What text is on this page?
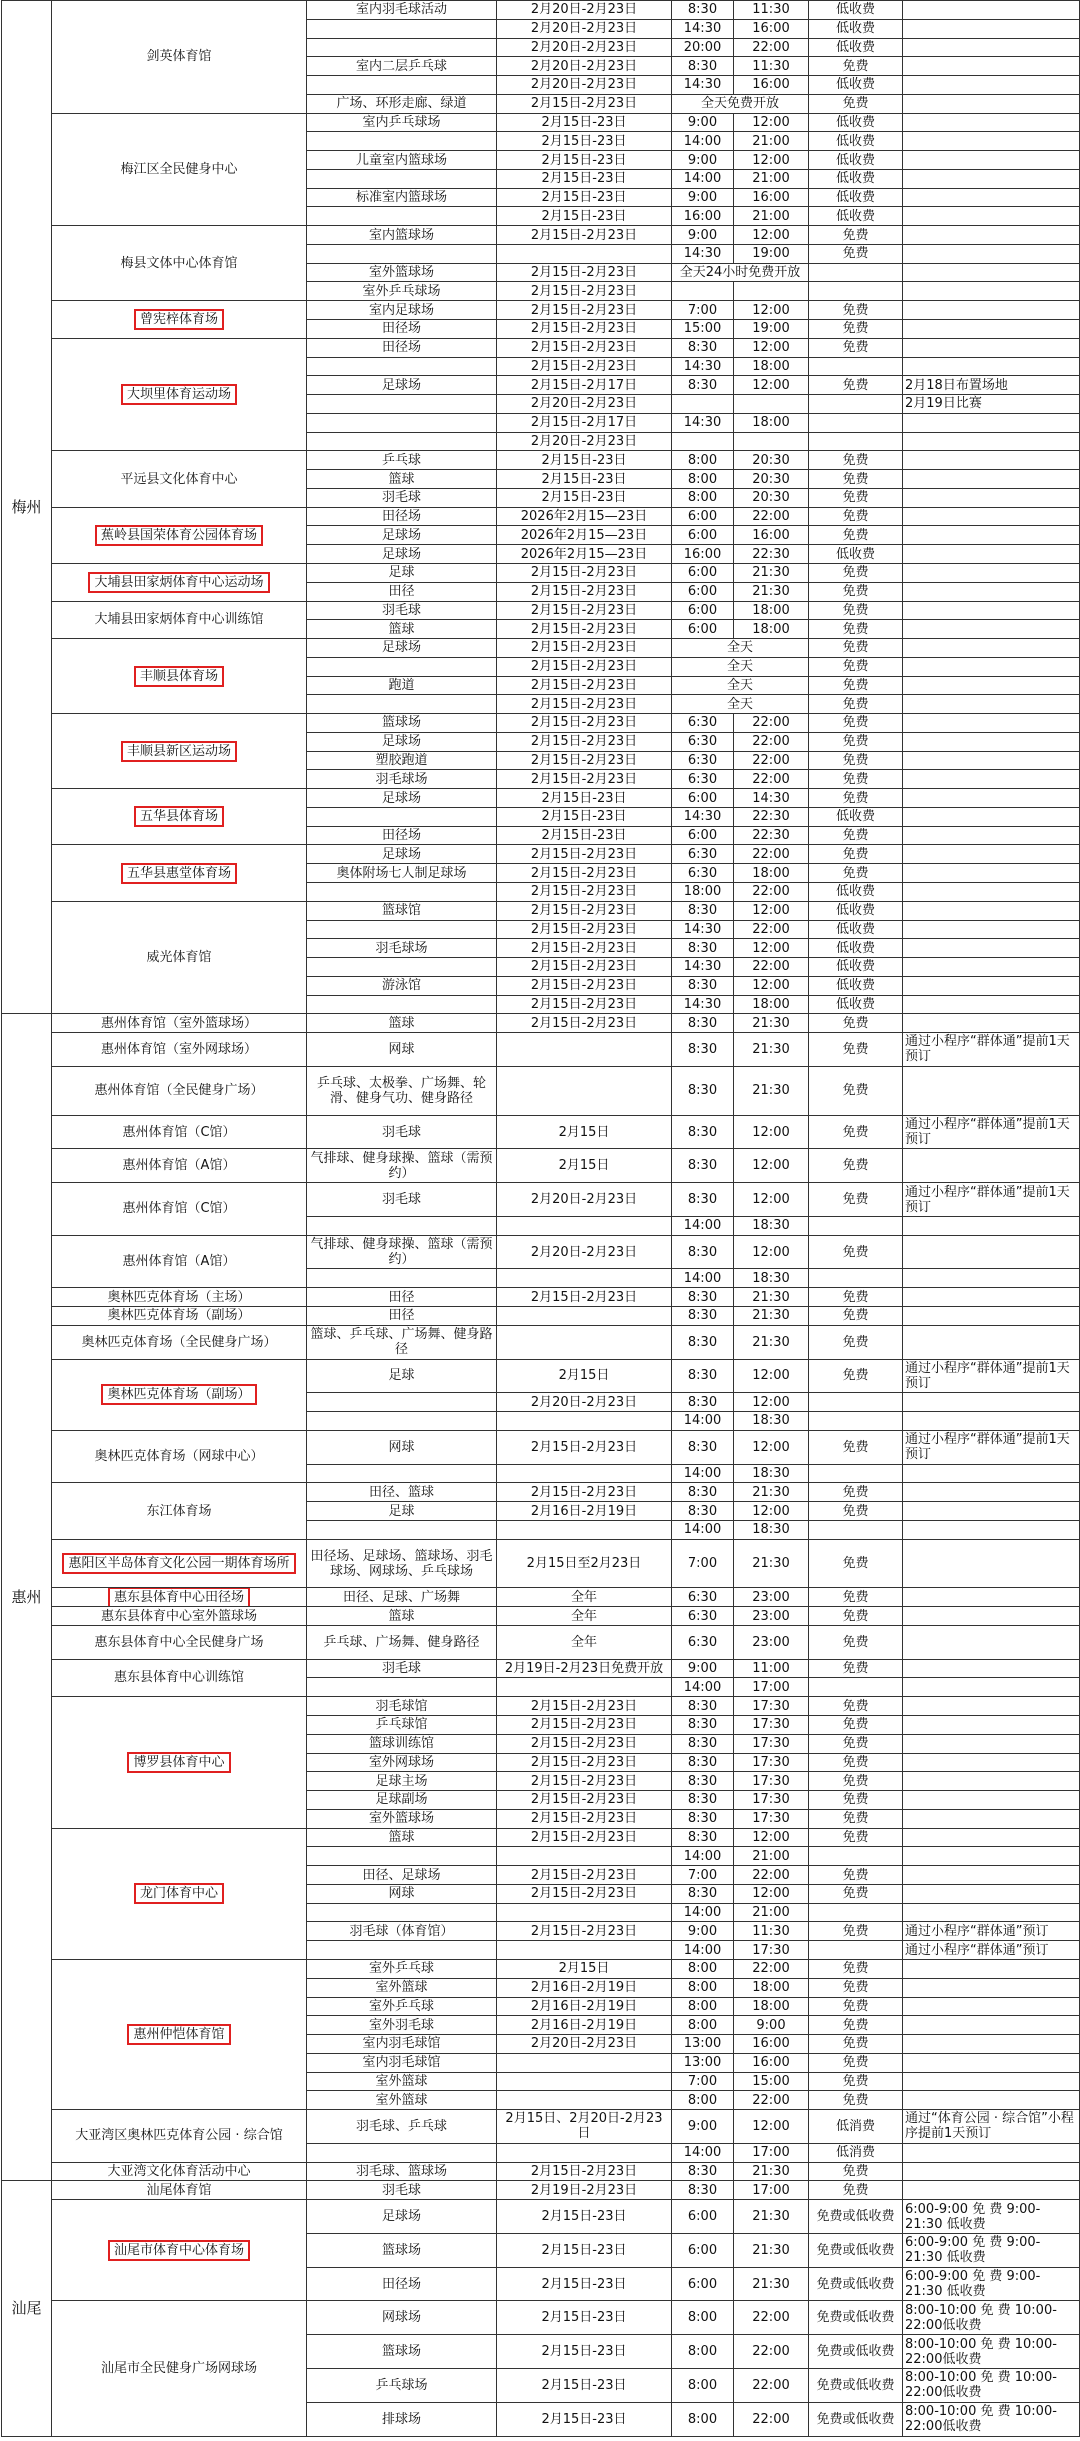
梅州	剑英体育馆	室内羽毛球活动	2月20日-2月23日	8:30	11:30	低收费	
			2月20日-2月23日	14:30	16:00	低收费	
			2月20日-2月23日	20:00	22:00	低收费	
		室内二层乒乓球	2月20日-2月23日	8:30	11:30	免费	
			2月20日-2月23日	14:30	16:00	低收费	
		广场、环形走廊、绿道	2月15日-2月23日	全天免费开放		免费	
	梅江区全民健身中心	室内乒乓球场	2月15日-23日	9:00	12:00	低收费	
			2月15日-23日	14:00	21:00	低收费	
		儿童室内篮球场	2月15日-23日	9:00	12:00	低收费	
			2月15日-23日	14:00	21:00	低收费	
		标准室内篮球场	2月15日-23日	9:00	16:00	低收费	
			2月15日-23日	16:00	21:00	低收费	
	梅县文体中心体育馆	室内篮球场	2月15日-2月23日	9:00	12:00	免费	
				14:30	19:00	免费	
		室外篮球场	2月15日-2月23日	全天24小时免费开放			
		室外乒乓球场	2月15日-2月23日				
	曾宪梓体育场	室内足球场	2月15日-2月23日	7:00	12:00	免费	
		田径场	2月15日-2月23日	15:00	19:00	免费	
	大坝里体育运动场	田径场	2月15日-2月23日	8:30	12:00	免费	
			2月15日-2月23日	14:30	18:00		
		足球场	2月15日-2月17日	8:30	12:00	免费	2月18日布置场地
			2月20日-2月23日				2月19日比赛
			2月15日-2月17日	14:30	18:00		
			2月20日-2月23日				
	平远县文化体育中心	乒乓球	2月15日-23日	8:00	20:30	免费	
		篮球	2月15日-23日	8:00	20:30	免费	
		羽毛球	2月15日-23日	8:00	20:30	免费	
	蕉岭县国荣体育公园体育场	田径场	2026年2月15—23日	6:00	22:00	免费	
		足球场	2026年2月15—23日	6:00	16:00	免费	
		足球场	2026年2月15—23日	16:00	22:30	低收费	
	大埔县田家炳体育中心运动场	足球	2月15日-2月23日	6:00	21:30	免费	
		田径	2月15日-2月23日	6:00	21:30	免费	
	大埔县田家炳体育中心训练馆	羽毛球	2月15日-2月23日	6:00	18:00	免费	
		篮球	2月15日-2月23日	6:00	18:00	免费	
	丰顺县体育场	足球场	2月15日-2月23日	全天		免费	
			2月15日-2月23日	全天		免费	
		跑道	2月15日-2月23日	全天		免费	
			2月15日-2月23日	全天		免费	
	丰顺县新区运动场	篮球场	2月15日-2月23日	6:30	22:00	免费	
		足球场	2月15日-2月23日	6:30	22:00	免费	
		塑胶跑道	2月15日-2月23日	6:30	22:00	免费	
		羽毛球场	2月15日-2月23日	6:30	22:00	免费	
	五华县体育场	足球场	2月15日-23日	6:00	14:30	免费	
			2月15日-23日	14:30	22:30	低收费	
		田径场	2月15日-23日	6:00	22:30	免费	
	五华县惠堂体育场	足球场	2月15日-2月23日	6:30	22:00	免费	
		奥体附场七人制足球场	2月15日-2月23日	6:30	18:00	免费	
			2月15日-2月23日	18:00	22:00	低收费	
	威光体育馆	篮球馆	2月15日-2月23日	8:30	12:00	低收费	
			2月15日-2月23日	14:30	22:00	低收费	
		羽毛球场	2月15日-2月23日	8:30	12:00	低收费	
			2月15日-2月23日	14:30	22:00	低收费	
		游泳馆	2月15日-2月23日	8:30	12:00	低收费	
			2月15日-2月23日	14:30	18:00	低收费	
惠州	惠州体育馆（室外篮球场）	篮球	2月15日-2月23日	8:30	21:30	免费	
	惠州体育馆（室外网球场）	网球		8:30	21:30	免费	通过小程序“群体通”提前1天预订
	惠州体育馆（全民健身广场）	乒乓球、太极拳、广场舞、轮滑、健身气功、健身路径		8:30	21:30	免费	
	惠州体育馆（C馆）	羽毛球	2月15日	8:30	12:00	免费	通过小程序“群体通”提前1天预订
	惠州体育馆（A馆）	气排球、健身球操、篮球（需预约）	2月15日	8:30	12:00	免费	
	惠州体育馆（C馆）	羽毛球	2月20日-2月23日	8:30	12:00	免费	通过小程序“群体通”提前1天预订
				14:00	18:30		
	惠州体育馆（A馆）	气排球、健身球操、篮球（需预约）	2月20日-2月23日	8:30	12:00	免费	
				14:00	18:30		
	奥林匹克体育场（主场）	田径	2月15日-2月23日	8:30	21:30	免费	
	奥林匹克体育场（副场）	田径		8:30	21:30	免费	
	奥林匹克体育场（全民健身广场）	篮球、乒乓球、广场舞、健身路径		8:30	21:30	免费	
	奥林匹克体育场（副场）	足球	2月15日	8:30	12:00	免费	通过小程序“群体通”提前1天预订
			2月20日-2月23日	8:30	12:00		
				14:00	18:30		
	奥林匹克体育场（网球中心）	网球	2月15日-2月23日	8:30	12:00	免费	通过小程序“群体通”提前1天预订
				14:00	18:30		
	东江体育场	田径、篮球	2月15日-2月23日	8:30	21:30	免费	
		足球	2月16日-2月19日	8:30	12:00	免费	
				14:00	18:30		
	惠阳区半岛体育文化公园一期体育场所	田径场、足球场、篮球场、羽毛球场、网球场、乒乓球场	2月15日至2月23日	7:00	21:30	免费	
	惠东县体育中心田径场	田径、足球、广场舞	全年	6:30	23:00	免费	
	惠东县体育中心室外篮球场	篮球	全年	6:30	23:00	免费	
	惠东县体育中心全民健身广场	乒乓球、广场舞、健身路径	全年	6:30	23:00	免费	
	惠东县体育中心训练馆	羽毛球	2月19日-2月23日免费开放	9:00	11:00	免费	
				14:00	17:00		
	博罗县体育中心	羽毛球馆	2月15日-2月23日	8:30	17:30	免费	
		乒乓球馆	2月15日-2月23日	8:30	17:30	免费	
		篮球训练馆	2月15日-2月23日	8:30	17:30	免费	
		室外网球场	2月15日-2月23日	8:30	17:30	免费	
		足球主场	2月15日-2月23日	8:30	17:30	免费	
		足球副场	2月15日-2月23日	8:30	17:30	免费	
		室外篮球场	2月15日-2月23日	8:30	17:30	免费	
	龙门体育中心	篮球	2月15日-2月23日	8:30	12:00	免费	
				14:00	21:00		
		田径、足球场	2月15日-2月23日	7:00	22:00	免费	
		网球	2月15日-2月23日	8:30	12:00	免费	
				14:00	21:00		
		羽毛球（体育馆）	2月15日-2月23日	9:00	11:30	免费	通过小程序“群体通”预订
				14:00	17:30		通过小程序“群体通”预订
	惠州仲恺体育馆	室外乒乓球	2月15日	8:00	22:00	免费	
		室外篮球	2月16日-2月19日	8:00	18:00	免费	
		室外乒乓球	2月16日-2月19日	8:00	18:00	免费	
		室外羽毛球	2月16日-2月19日	8:00	9:00	免费	
		室内羽毛球馆	2月20日-2月23日	13:00	16:00	免费	
		室内羽毛球馆		13:00	16:00	免费	
		室外篮球		7:00	15:00	免费	
		室外篮球		8:00	22:00	免费	
	大亚湾区奥林匹克体育公园 · 综合馆	羽毛球、乒乓球	2月15日、2月20日-2月23日	9:00	12:00	低消费	通过“体育公园 · 综合馆”小程序提前1天预订
				14:00	17:00	低消费	
	大亚湾文化体育活动中心	羽毛球、篮球场	2月15日-2月23日	8:30	21:30	免费	
汕尾	汕尾体育馆	羽毛球	2月19日-2月23日	8:30	17:00	免费	
	汕尾市体育中心体育场	足球场	2月15日-23日	6:00	21:30	免费或低收费	6:00-9:00 免 费 9:00-21:30 低收费
		篮球场	2月15日-23日	6:00	21:30	免费或低收费	6:00-9:00 免 费 9:00-21:30 低收费
		田径场	2月15日-23日	6:00	21:30	免费或低收费	6:00-9:00 免 费 9:00-21:30 低收费
	汕尾市全民健身广场网球场	网球场	2月15日-23日	8:00	22:00	免费或低收费	8:00-10:00 免 费 10:00-22:00低收费
		篮球场	2月15日-23日	8:00	22:00	免费或低收费	8:00-10:00 免 费 10:00-22:00低收费
		乒乓球场	2月15日-23日	8:00	22:00	免费或低收费	8:00-10:00 免 费 10:00-22:00低收费
		排球场	2月15日-23日	8:00	22:00	免费或低收费	8:00-10:00 免 费 10:00-22:00低收费
